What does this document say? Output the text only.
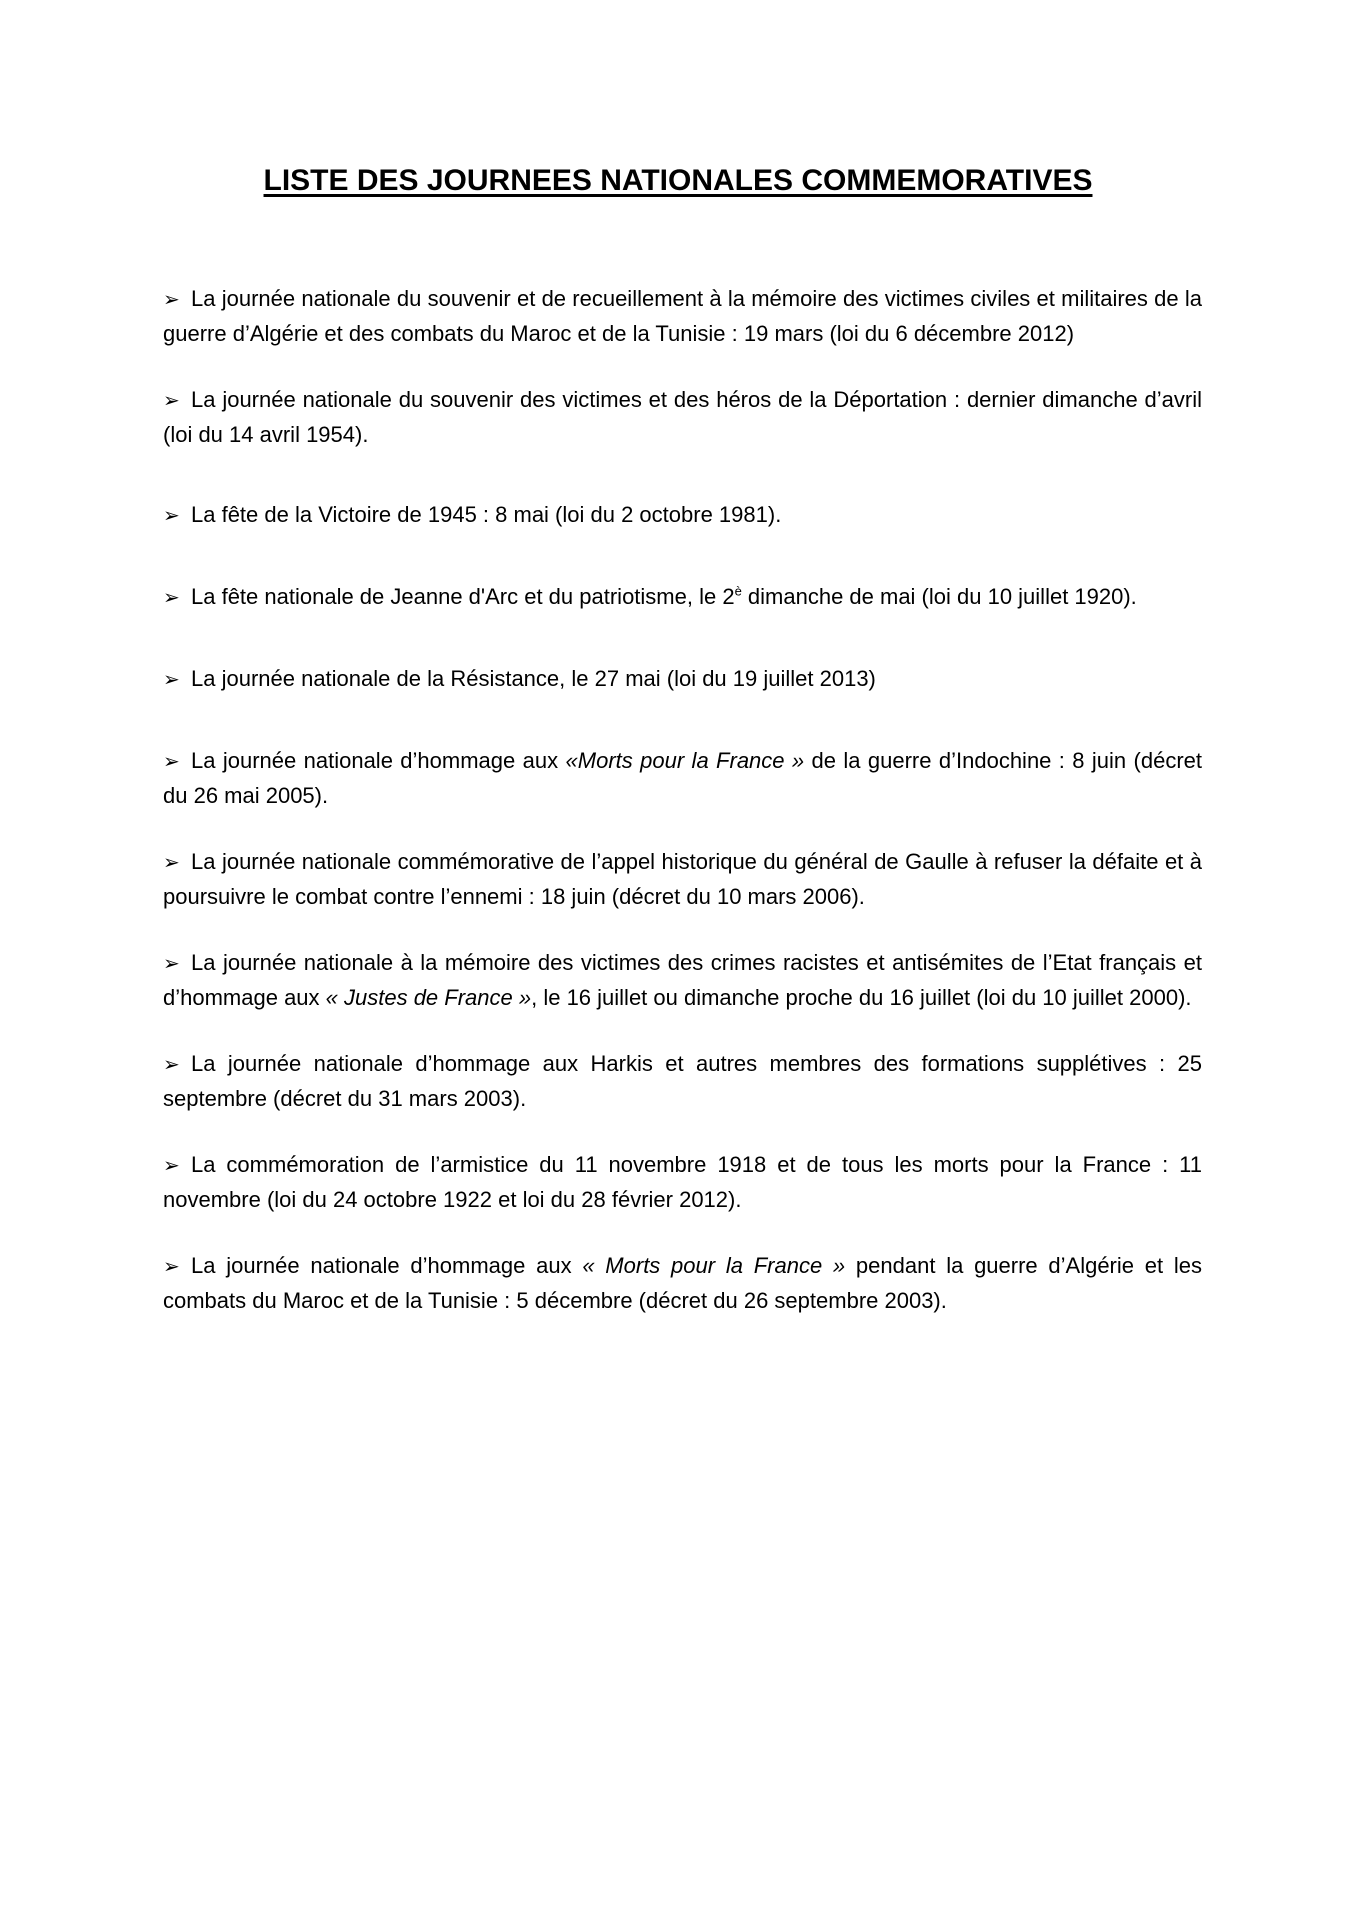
LISTE DES JOURNEES NATIONALES COMMEMORATIVES
➢ La journée nationale du souvenir et de recueillement à la mémoire des victimes civiles et militaires de la guerre d’Algérie et des combats du Maroc et de la Tunisie : 19 mars (loi du 6 décembre 2012)
➢ La journée nationale du souvenir des victimes et des héros de la Déportation : dernier dimanche d’avril (loi du 14 avril 1954).
➢ La fête de la Victoire de 1945 : 8 mai (loi du 2 octobre 1981).
➢ La fête nationale de Jeanne d'Arc et du patriotisme, le $2^è$ dimanche de mai (loi du 10 juillet 1920).
➢ La journée nationale de la Résistance, le 27 mai (loi du 19 juillet 2013)
➢ La journée nationale d’hommage aux «Morts pour la France » de la guerre d’Indochine : 8 juin (décret du 26 mai 2005).
➢ La journée nationale commémorative de l’appel historique du général de Gaulle à refuser la défaite et à poursuivre le combat contre l’ennemi : 18 juin (décret du 10 mars 2006).
➢ La journée nationale à la mémoire des victimes des crimes racistes et antisémites de l’Etat français et d’hommage aux « Justes de France », le 16 juillet ou dimanche proche du 16 juillet (loi du 10 juillet 2000).
➢ La journée nationale d’hommage aux Harkis et autres membres des formations supplétives : 25 septembre (décret du 31 mars 2003).
➢ La commémoration de l’armistice du 11 novembre 1918 et de tous les morts pour la France : 11 novembre (loi du 24 octobre 1922 et loi du 28 février 2012).
➢ La journée nationale d’hommage aux « Morts pour la France » pendant la guerre d’Algérie et les combats du Maroc et de la Tunisie : 5 décembre (décret du 26 septembre 2003).
